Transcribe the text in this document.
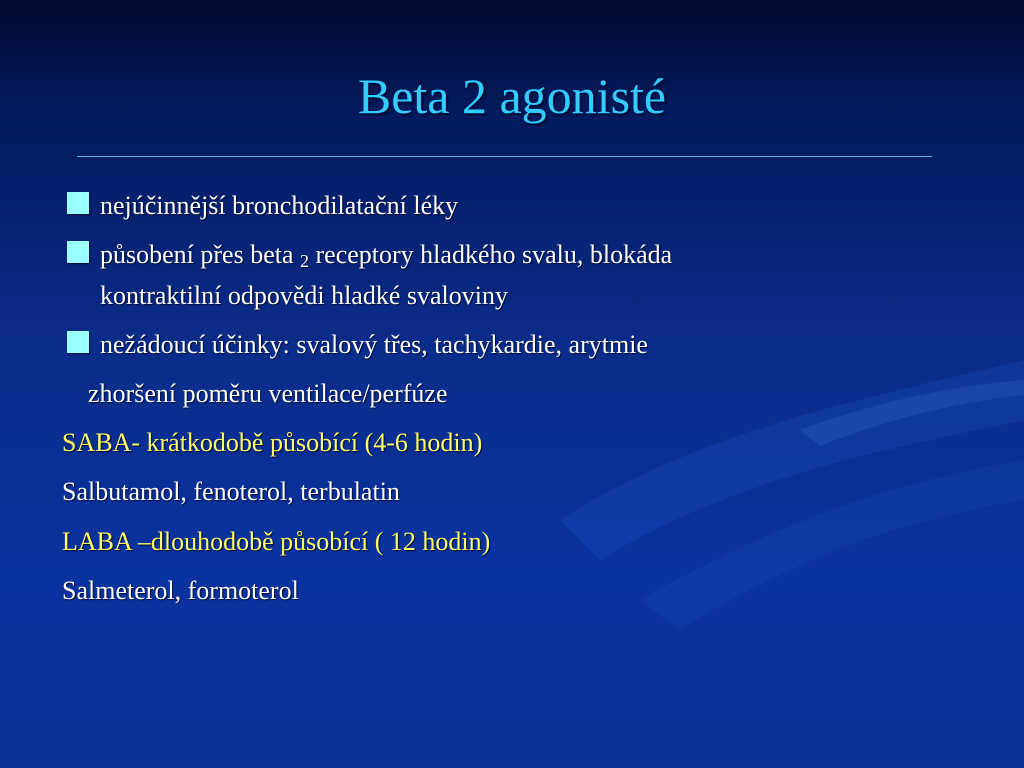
Beta 2 agonisté
nejúčinnější bronchodilatační léky
působení přes beta $_2$ receptory hladkého svalu, blokáda
kontraktilní odpovědi hladké svaloviny
nežádoucí účinky: svalový třes, tachykardie, arytmie
zhoršení poměru ventilace/perfúze
SABA- krátkodobě působící (4-6 hodin)
Salbutamol, fenoterol, terbulatin
LABA –dlouhodobě působící ( 12 hodin)
Salmeterol, formoterol
